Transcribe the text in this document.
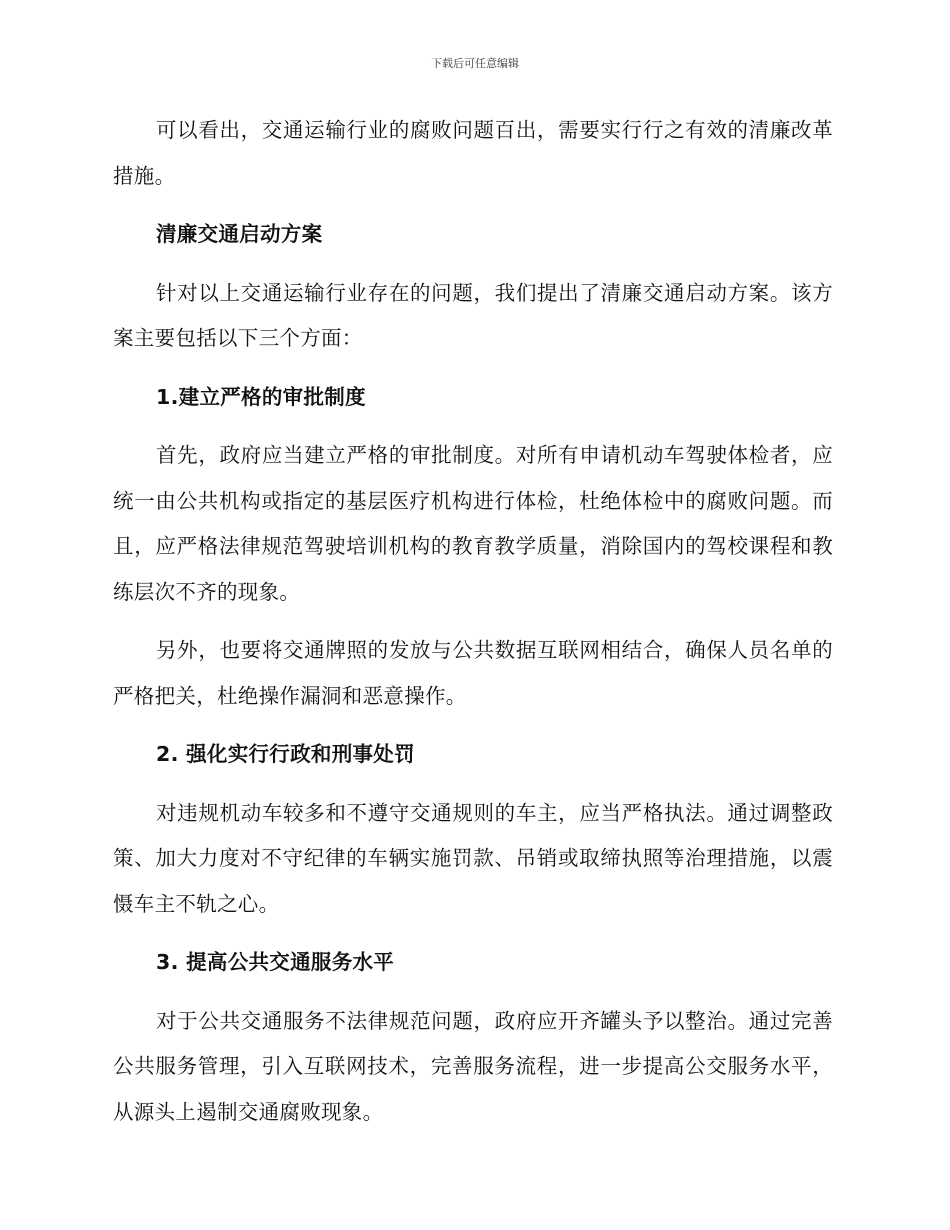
下载后可任意编辑

可以看出，交通运输行业的腐败问题百出，需要实行行之有效的清廉改革措施。

清廉交通启动方案

针对以上交通运输行业存在的问题，我们提出了清廉交通启动方案。该方案主要包括以下三个方面：

1.建立严格的审批制度

首先，政府应当建立严格的审批制度。对所有申请机动车驾驶体检者，应统一由公共机构或指定的基层医疗机构进行体检，杜绝体检中的腐败问题。而且，应严格法律规范驾驶培训机构的教育教学质量，消除国内的驾校课程和教练层次不齐的现象。

另外，也要将交通牌照的发放与公共数据互联网相结合，确保人员名单的严格把关，杜绝操作漏洞和恶意操作。

2. 强化实行行政和刑事处罚

对违规机动车较多和不遵守交通规则的车主，应当严格执法。通过调整政策、加大力度对不守纪律的车辆实施罚款、吊销或取缔执照等治理措施，以震慑车主不轨之心。

3. 提高公共交通服务水平

对于公共交通服务不法律规范问题，政府应开齐罐头予以整治。通过完善公共服务管理，引入互联网技术，完善服务流程，进一步提高公交服务水平，从源头上遏制交通腐败现象。
